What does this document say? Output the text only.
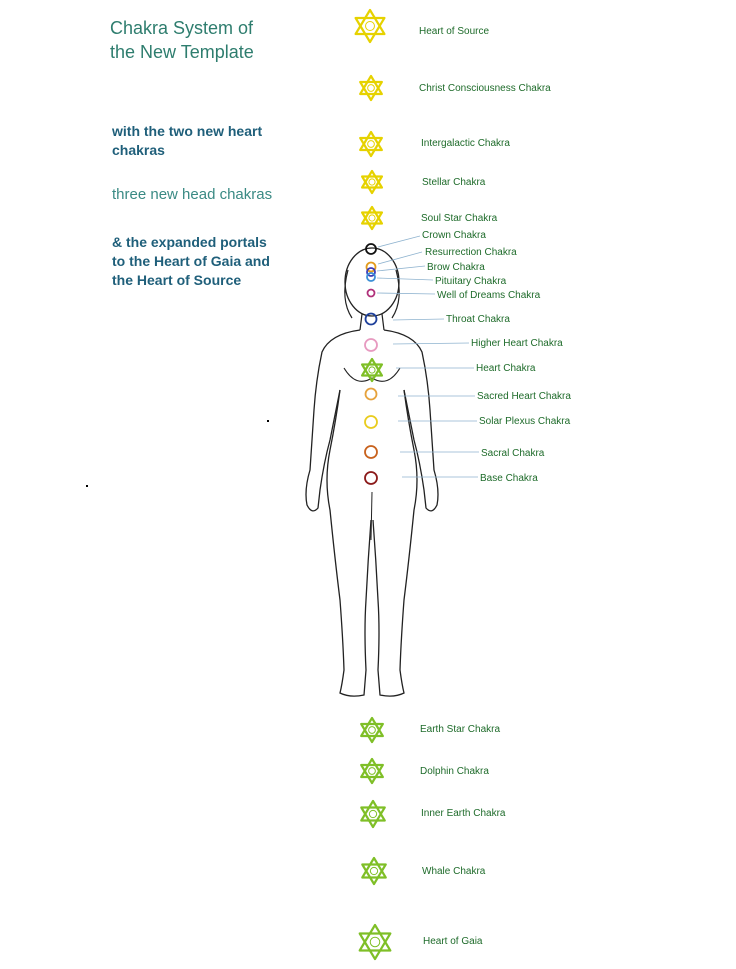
Chakra System of
the New Template
with the two new heart
chakras
three new head chakras
& the expanded portals
to the Heart of Gaia and
the Heart of Source
Heart of Source
Christ Consciousness Chakra
Intergalactic Chakra
Stellar Chakra
Soul Star Chakra
Crown Chakra
Resurrection Chakra
Brow Chakra
Pituitary Chakra
Well of Dreams Chakra
Throat Chakra
Higher Heart Chakra
Heart Chakra
Sacred Heart Chakra
Solar Plexus Chakra
Sacral Chakra
Base Chakra
Earth Star Chakra
Dolphin Chakra
Inner Earth Chakra
Whale Chakra
Heart of Gaia
